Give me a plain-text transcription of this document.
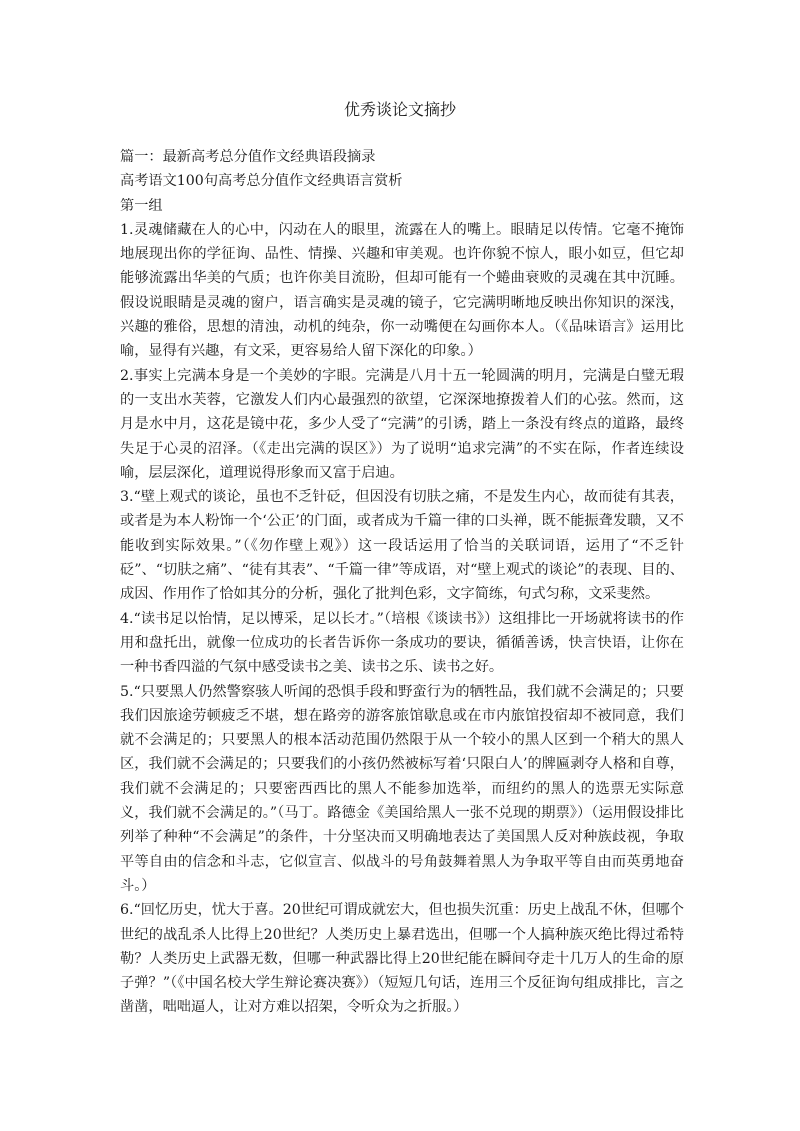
优秀谈论文摘抄

篇一：最新高考总分值作文经典语段摘录

高考语文100句高考总分值作文经典语言赏析

第一组

1.灵魂储藏在人的心中，闪动在人的眼里，流露在人的嘴上。眼睛足以传情。它毫不掩饰地展现出你的学征询、品性、情操、兴趣和审美观。也许你貌不惊人，眼小如豆，但它却能够流露出华美的气质；也许你美目流盼，但却可能有一个蜷曲衰败的灵魂在其中沉睡。假设说眼睛是灵魂的窗户，语言确实是灵魂的镜子，它完满明晰地反映出你知识的深浅，兴趣的雅俗，思想的清浊，动机的纯杂，你一动嘴便在勾画你本人。（《品味语言》运用比喻，显得有兴趣，有文采，更容易给人留下深化的印象。）

2.事实上完满本身是一个美妙的字眼。完满是八月十五一轮圆满的明月，完满是白璧无瑕的一支出水芙蓉，它激发人们内心最强烈的欲望，它深深地撩拨着人们的心弦。然而，这月是水中月，这花是镜中花，多少人受了“完满”的引诱，踏上一条没有终点的道路，最终失足于心灵的沼泽。（《走出完满的误区》）为了说明“追求完满”的不实在际，作者连续设喻，层层深化，道理说得形象而又富于启迪。

3.“壁上观式的谈论，虽也不乏针砭，但因没有切肤之痛，不是发生内心，故而徒有其表，或者是为本人粉饰一个‘公正’的门面，或者成为千篇一律的口头禅，既不能振聋发聩，又不能收到实际效果。”（《勿作壁上观》）这一段话运用了恰当的关联词语，运用了“不乏针砭”、“切肤之痛”、“徒有其表”、“千篇一律”等成语，对“壁上观式的谈论”的表现、目的、成因、作用作了恰如其分的分析，强化了批判色彩，文字简练，句式匀称，文采斐然。

4.“读书足以怡情，足以博采，足以长才。”（培根《谈读书》）这组排比一开场就将读书的作用和盘托出，就像一位成功的长者告诉你一条成功的要诀，循循善诱，快言快语，让你在一种书香四溢的气氛中感受读书之美、读书之乐、读书之好。

5.“只要黑人仍然警察骇人听闻的恐惧手段和野蛮行为的牺牲品，我们就不会满足的；只要我们因旅途劳顿疲乏不堪，想在路旁的游客旅馆歇息或在市内旅馆投宿却不被同意，我们就不会满足的；只要黑人的根本活动范围仍然限于从一个较小的黑人区到一个稍大的黑人区，我们就不会满足的；只要我们的小孩仍然被标写着‘只限白人’的牌匾剥夺人格和自尊，我们就不会满足的；只要密西西比的黑人不能参加选举，而纽约的黑人的选票无实际意义，我们就不会满足的。”（马丁。路德金《美国给黑人一张不兑现的期票》）（运用假设排比列举了种种“不会满足”的条件，十分坚决而又明确地表达了美国黑人反对种族歧视，争取平等自由的信念和斗志，它似宣言、似战斗的号角鼓舞着黑人为争取平等自由而英勇地奋斗。）

6.“回忆历史，忧大于喜。20世纪可谓成就宏大，但也损失沉重：历史上战乱不休，但哪个世纪的战乱杀人比得上20世纪？人类历史上暴君选出，但哪一个人搞种族灭绝比得过希特勒？人类历史上武器无数，但哪一种武器比得上20世纪能在瞬间夺走十几万人的生命的原子弹？”（《中国名校大学生辩论赛决赛》）（短短几句话，连用三个反征询句组成排比，言之凿凿，咄咄逼人，让对方难以招架，令听众为之折服。）
